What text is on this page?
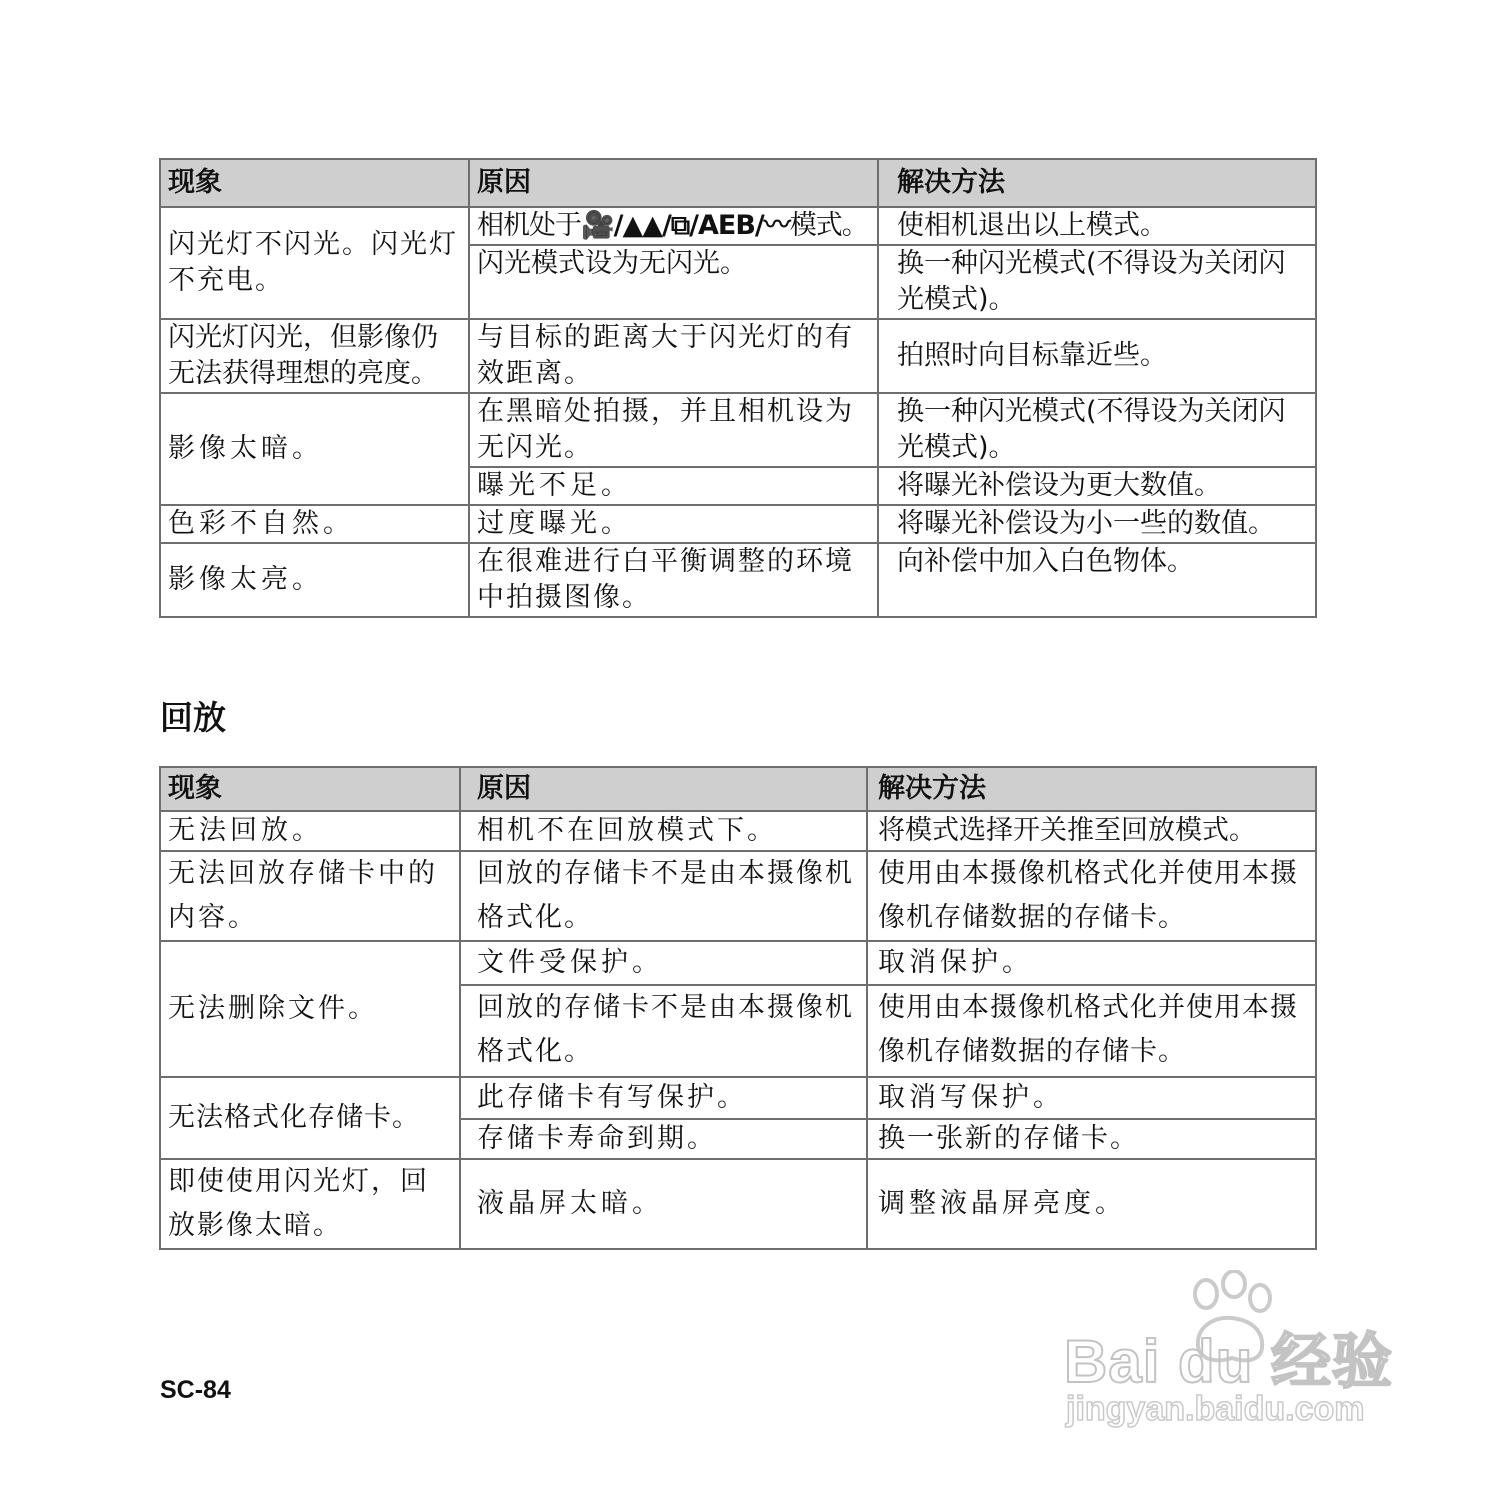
现象	原因	解决方法
闪光灯不闪光。闪光灯不充电。	相机处于🎥/▲▲/⧉/AEB/〰模式。	使相机退出以上模式。
	闪光模式设为无闪光。	换一种闪光模式(不得设为关闭闪光模式)。
闪光灯闪光，但影像仍无法获得理想的亮度。	与目标的距离大于闪光灯的有效距离。	拍照时向目标靠近些。
影像太暗。	在黑暗处拍摄，并且相机设为无闪光。	换一种闪光模式(不得设为关闭闪光模式)。
	曝光不足。	将曝光补偿设为更大数值。
色彩不自然。	过度曝光。	将曝光补偿设为小一些的数值。
影像太亮。	在很难进行白平衡调整的环境中拍摄图像。	向补偿中加入白色物体。
回放
现象	原因	解决方法
无法回放。	相机不在回放模式下。	将模式选择开关推至回放模式。
无法回放存储卡中的内容。	回放的存储卡不是由本摄像机格式化。	使用由本摄像机格式化并使用本摄像机存储数据的存储卡。
无法删除文件。	文件受保护。	取消保护。
	回放的存储卡不是由本摄像机格式化。	使用由本摄像机格式化并使用本摄像机存储数据的存储卡。
无法格式化存储卡。	此存储卡有写保护。	取消写保护。
	存储卡寿命到期。	换一张新的存储卡。
即使使用闪光灯，回放影像太暗。	液晶屏太暗。	调整液晶屏亮度。
SC-84	Bai du 经验
jingyan.baidu.com
